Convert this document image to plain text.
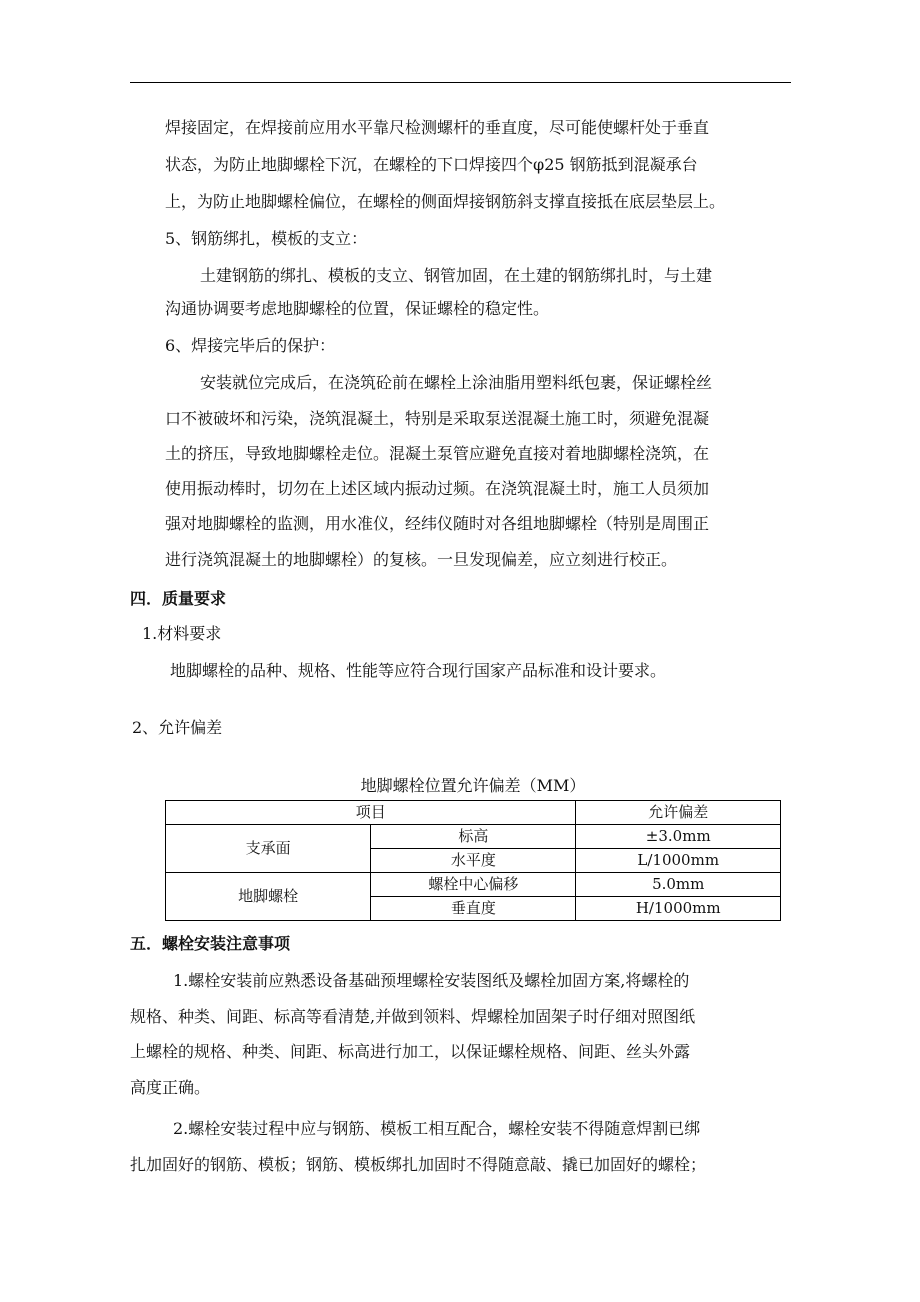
焊接固定，在焊接前应用水平靠尺检测螺杆的垂直度，尽可能使螺杆处于垂直
状态，为防止地脚螺栓下沉，在螺栓的下口焊接四个φ25 钢筋抵到混凝承台
上，为防止地脚螺栓偏位，在螺栓的侧面焊接钢筋斜支撑直接抵在底层垫层上。
5、钢筋绑扎，模板的支立：
土建钢筋的绑扎、模板的支立、钢管加固，在土建的钢筋绑扎时，与土建
沟通协调要考虑地脚螺栓的位置，保证螺栓的稳定性。
6、焊接完毕后的保护：
安装就位完成后，在浇筑砼前在螺栓上涂油脂用塑料纸包裹，保证螺栓丝
口不被破坏和污染，浇筑混凝土，特别是采取泵送混凝土施工时，须避免混凝
土的挤压，导致地脚螺栓走位。混凝土泵管应避免直接对着地脚螺栓浇筑，在
使用振动棒时，切勿在上述区域内振动过频。在浇筑混凝土时，施工人员须加
强对地脚螺栓的监测，用水准仪，经纬仪随时对各组地脚螺栓（特别是周围正
进行浇筑混凝土的地脚螺栓）的复核。一旦发现偏差，应立刻进行校正。
四．质量要求
1.材料要求
地脚螺栓的品种、规格、性能等应符合现行国家产品标准和设计要求。
2、允许偏差
地脚螺栓位置允许偏差（MM）
项目		允许偏差
支承面	标高	±3.0mm
	水平度	L/1000mm
地脚螺栓	螺栓中心偏移	5.0mm
	垂直度	H/1000mm
五．螺栓安装注意事项
1.螺栓安装前应熟悉设备基础预埋螺栓安装图纸及螺栓加固方案,将螺栓的
规格、种类、间距、标高等看清楚,并做到领料、焊螺栓加固架子时仔细对照图纸
上螺栓的规格、种类、间距、标高进行加工，以保证螺栓规格、间距、丝头外露
高度正确。
2.螺栓安装过程中应与钢筋、模板工相互配合，螺栓安装不得随意焊割已绑
扎加固好的钢筋、模板；钢筋、模板绑扎加固时不得随意敲、撬已加固好的螺栓；
